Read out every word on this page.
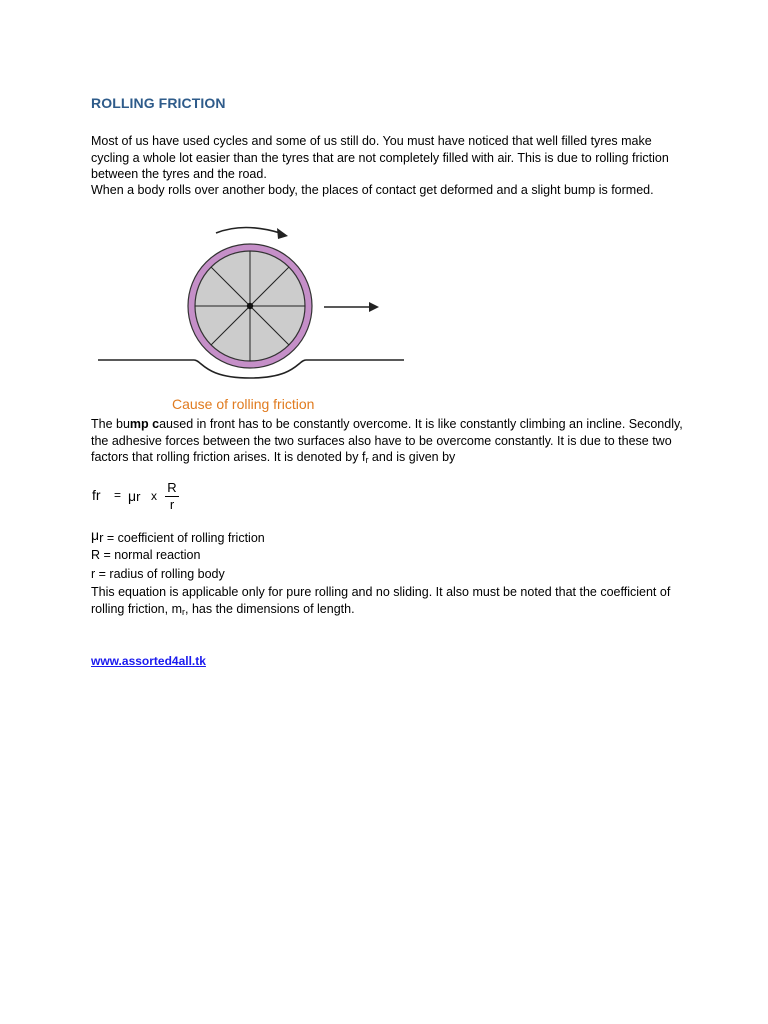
ROLLING FRICTION

Most of us have used cycles and some of us still do. You must have noticed that well filled tyres make cycling a whole lot easier than the tyres that are not completely filled with air. This is due to rolling friction between the tyres and the road.

When a body rolls over another body, the places of contact get deformed and a slight bump is formed.

Cause of rolling friction

The bump caused in front has to be constantly overcome. It is like constantly climbing an incline. Secondly, the adhesive forces between the two surfaces also have to be overcome constantly. It is due to these two factors that rolling friction arises. It is denoted by $f_r$ and is given by

fr = μr x
R
r
μr = coefficient of rolling friction
R = normal reaction
r = radius of rolling body

This equation is applicable only for pure rolling and no sliding. It also must be noted that the coefficient of rolling friction, $m_r$, has the dimensions of length.

www.assorted4all.tk
